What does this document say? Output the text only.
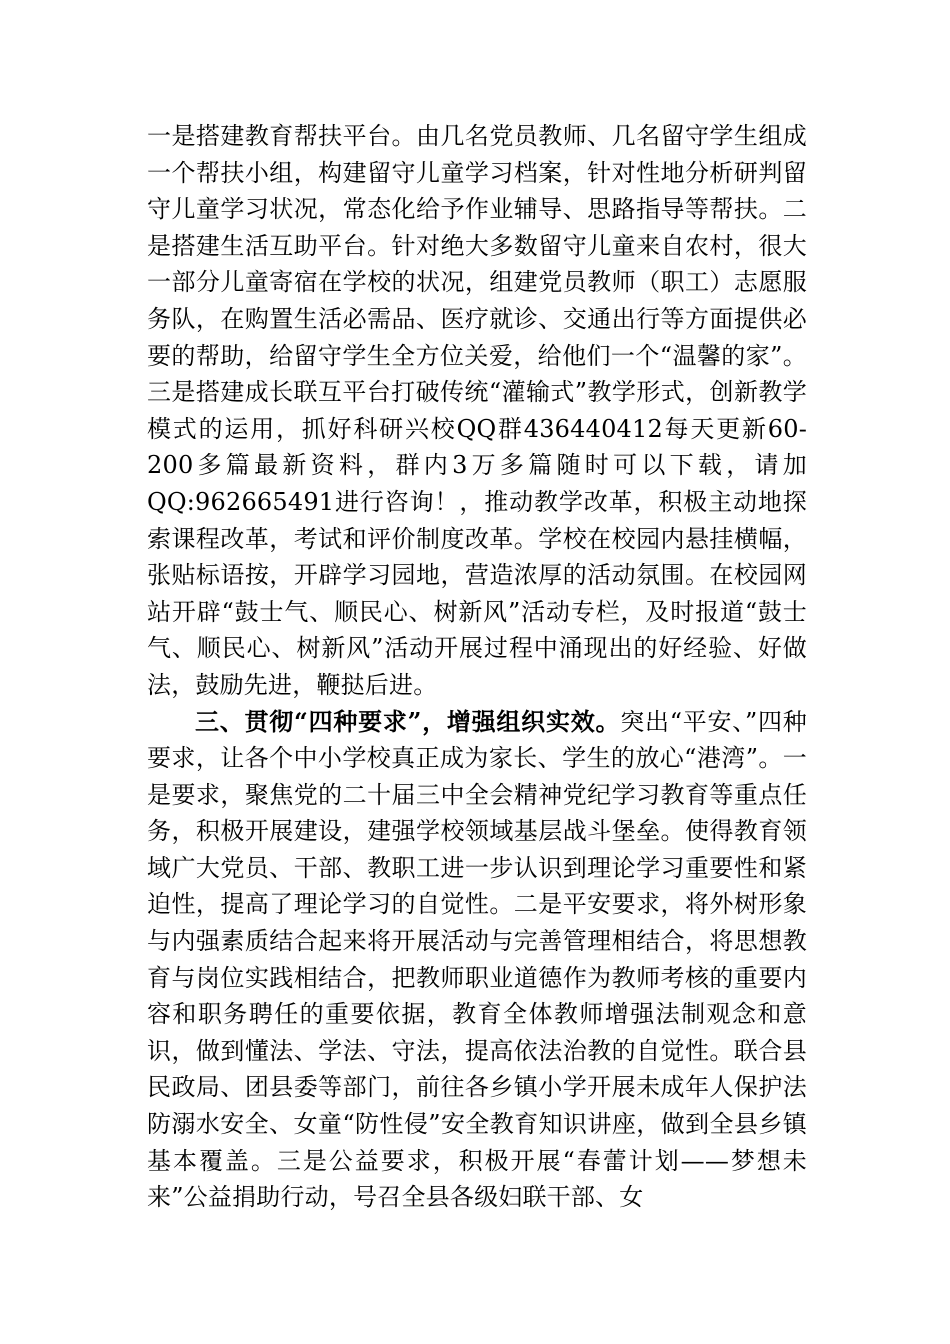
一是搭建教育帮扶平台。由几名党员教师、几名留守学生组成一个帮扶小组，构建留守儿童学习档案，针对性地分析研判留守儿童学习状况，常态化给予作业辅导、思路指导等帮扶。二是搭建生活互助平台。针对绝大多数留守儿童来自农村，很大一部分儿童寄宿在学校的状况，组建党员教师（职工）志愿服务队，在购置生活必需品、医疗就诊、交通出行等方面提供必要的帮助，给留守学生全方位关爱，给他们一个“温馨的家”。三是搭建成长联互平台打破传统“灌输式”教学形式，创新教学模式的运用，抓好科研兴校QQ群436440412每天更新60-200多篇最新资料，群内3万多篇随时可以下载，请加QQ:962665491进行咨询！，推动教学改革，积极主动地探索课程改革，考试和评价制度改革。学校在校园内悬挂横幅，张贴标语按，开辟学习园地，营造浓厚的活动氛围。在校园网站开辟“鼓士气、顺民心、树新风”活动专栏，及时报道“鼓士气、顺民心、树新风”活动开展过程中涌现出的好经验、好做法，鼓励先进，鞭挞后进。

三、贯彻“四种要求”，增强组织实效。突出“平安、”四种要求，让各个中小学校真正成为家长、学生的放心“港湾”。一是要求，聚焦党的二十届三中全会精神党纪学习教育等重点任务，积极开展建设，建强学校领域基层战斗堡垒。使得教育领域广大党员、干部、教职工进一步认识到理论学习重要性和紧迫性，提高了理论学习的自觉性。二是平安要求，将外树形象与内强素质结合起来将开展活动与完善管理相结合，将思想教育与岗位实践相结合，把教师职业道德作为教师考核的重要内容和职务聘任的重要依据，教育全体教师增强法制观念和意识，做到懂法、学法、守法，提高依法治教的自觉性。联合县民政局、团县委等部门，前往各乡镇小学开展未成年人保护法防溺水安全、女童“防性侵”安全教育知识讲座，做到全县乡镇基本覆盖。三是公益要求，积极开展“春蕾计划——梦想未来”公益捐助行动，号召全县各级妇联干部、女
